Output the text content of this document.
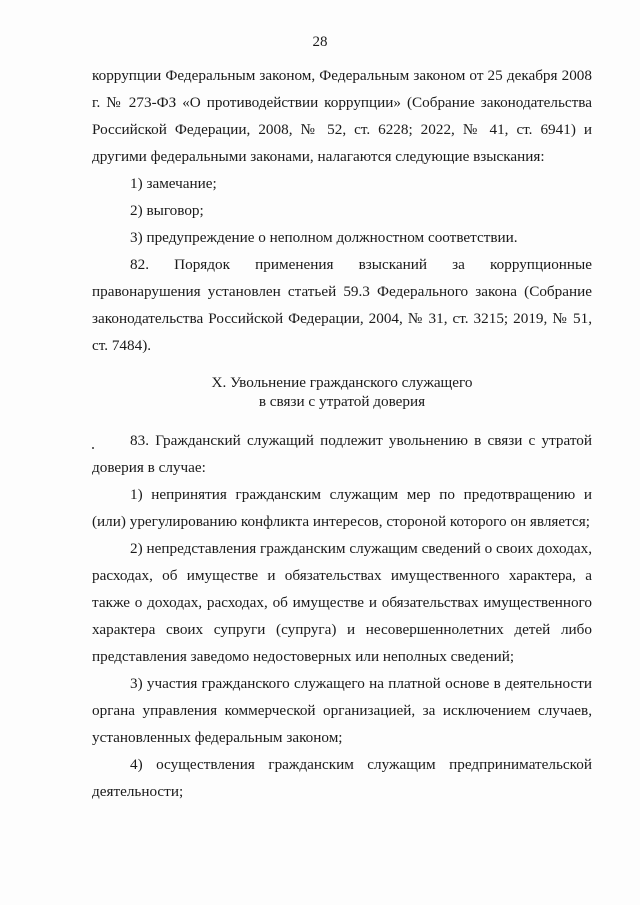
28

коррупции Федеральным законом, Федеральным законом от 25 декабря 2008 г. № 273-ФЗ «О противодействии коррупции» (Собрание законодательства Российской Федерации, 2008, № 52, ст. 6228; 2022, № 41, ст. 6941) и другими федеральными законами, налагаются следующие взыскания:

1) замечание;

2) выговор;

3) предупреждение о неполном должностном соответствии.

82. Порядок применения взысканий за коррупционные правонарушения установлен статьей 59.3 Федерального закона (Собрание законодательства Российской Федерации, 2004, № 31, ст. 3215; 2019, № 51, ст. 7484).

X. Увольнение гражданского служащего
в связи с утратой доверия

83. Гражданский служащий подлежит увольнению в связи с утратой доверия в случае:

1) непринятия гражданским служащим мер по предотвращению и (или) урегулированию конфликта интересов, стороной которого он является;

2) непредставления гражданским служащим сведений о своих доходах, расходах, об имуществе и обязательствах имущественного характера, а также о доходах, расходах, об имуществе и обязательствах имущественного характера своих супруги (супруга) и несовершеннолетних детей либо представления заведомо недостоверных или неполных сведений;

3) участия гражданского служащего на платной основе в деятельности органа управления коммерческой организацией, за исключением случаев, установленных федеральным законом;

4) осуществления гражданским служащим предпринимательской деятельности;
